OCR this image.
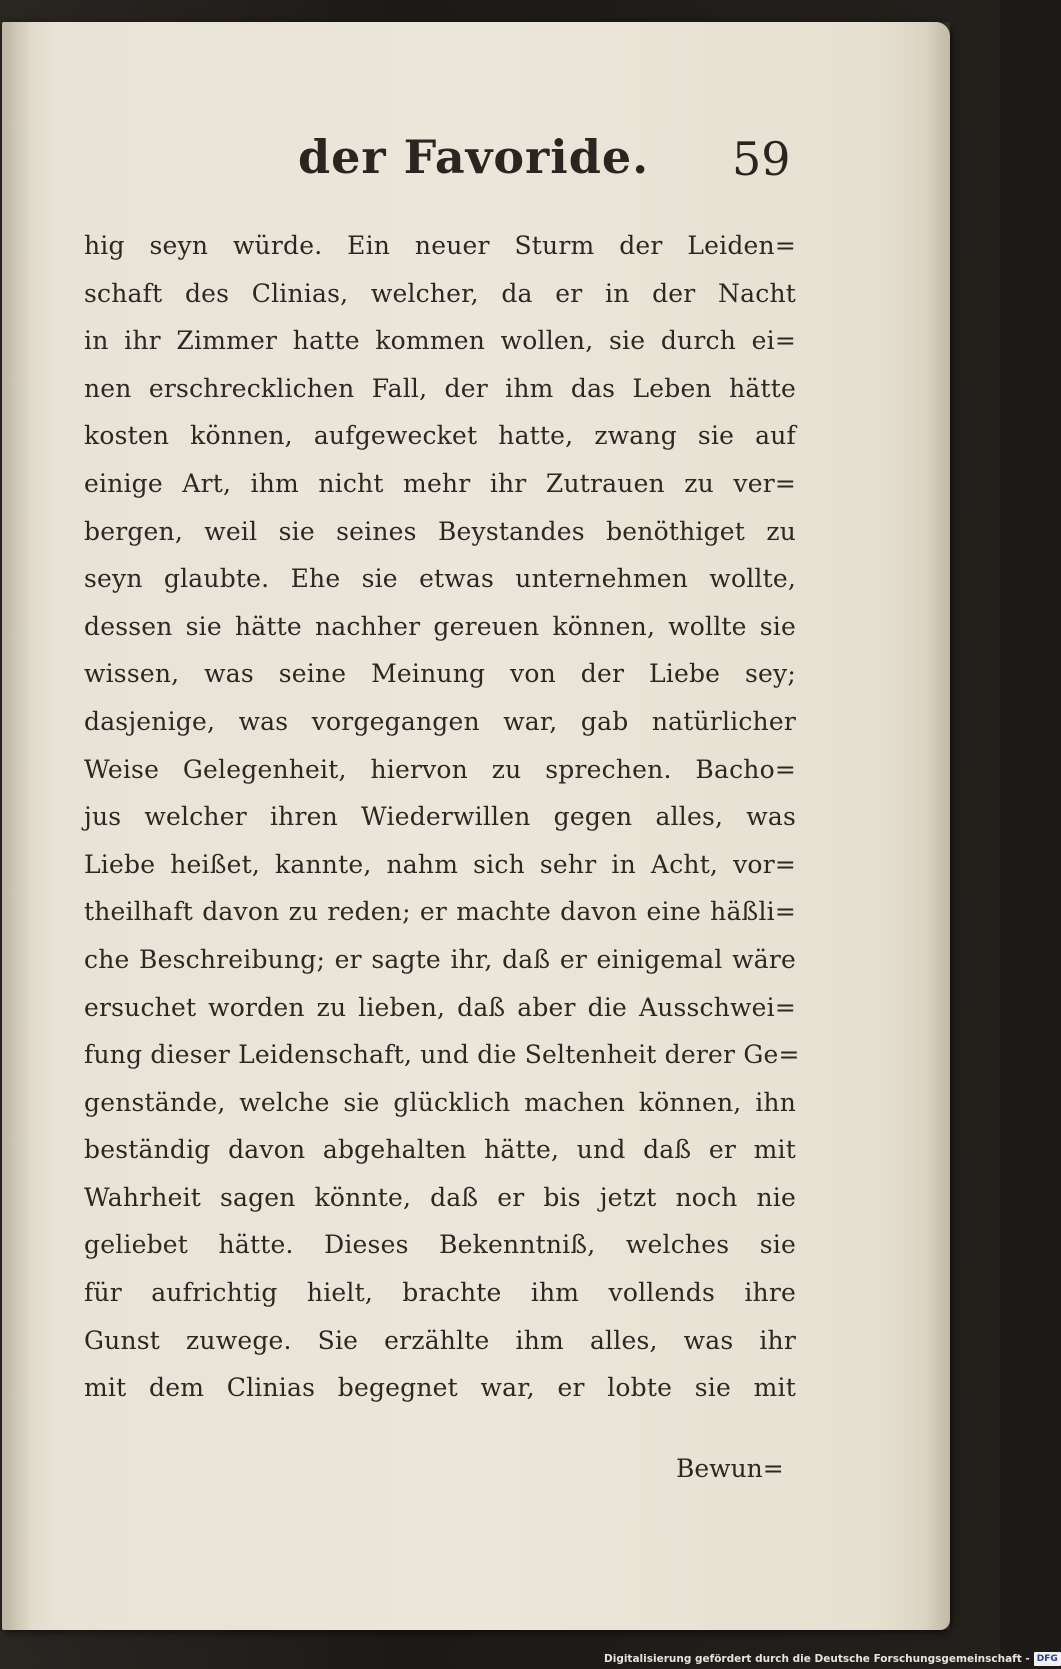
der Favoride. 59
hig seyn würde. Ein neuer Sturm der Leiden=
schaft des Clinias, welcher, da er in der Nacht
in ihr Zimmer hatte kommen wollen, sie durch ei=
nen erschrecklichen Fall, der ihm das Leben hätte
kosten können, aufgewecket hatte, zwang sie auf
einige Art, ihm nicht mehr ihr Zutrauen zu ver=
bergen, weil sie seines Beystandes benöthiget zu
seyn glaubte. Ehe sie etwas unternehmen wollte,
dessen sie hätte nachher gereuen können, wollte sie
wissen, was seine Meinung von der Liebe sey;
dasjenige, was vorgegangen war, gab natürlicher
Weise Gelegenheit, hiervon zu sprechen. Bacho=
jus welcher ihren Wiederwillen gegen alles, was
Liebe heißet, kannte, nahm sich sehr in Acht, vor=
theilhaft davon zu reden; er machte davon eine häßli=
che Beschreibung; er sagte ihr, daß er einigemal wäre
ersuchet worden zu lieben, daß aber die Ausschwei=
fung dieser Leidenschaft, und die Seltenheit derer Ge=
genstände, welche sie glücklich machen können, ihn
beständig davon abgehalten hätte, und daß er mit
Wahrheit sagen könnte, daß er bis jetzt noch nie
geliebet hätte. Dieses Bekenntniß, welches sie
für aufrichtig hielt, brachte ihm vollends ihre
Gunst zuwege. Sie erzählte ihm alles, was ihr
mit dem Clinias begegnet war, er lobte sie mit
Bewun=
Digitalisierung gefördert durch die Deutsche Forschungsgemeinschaft - DFG
